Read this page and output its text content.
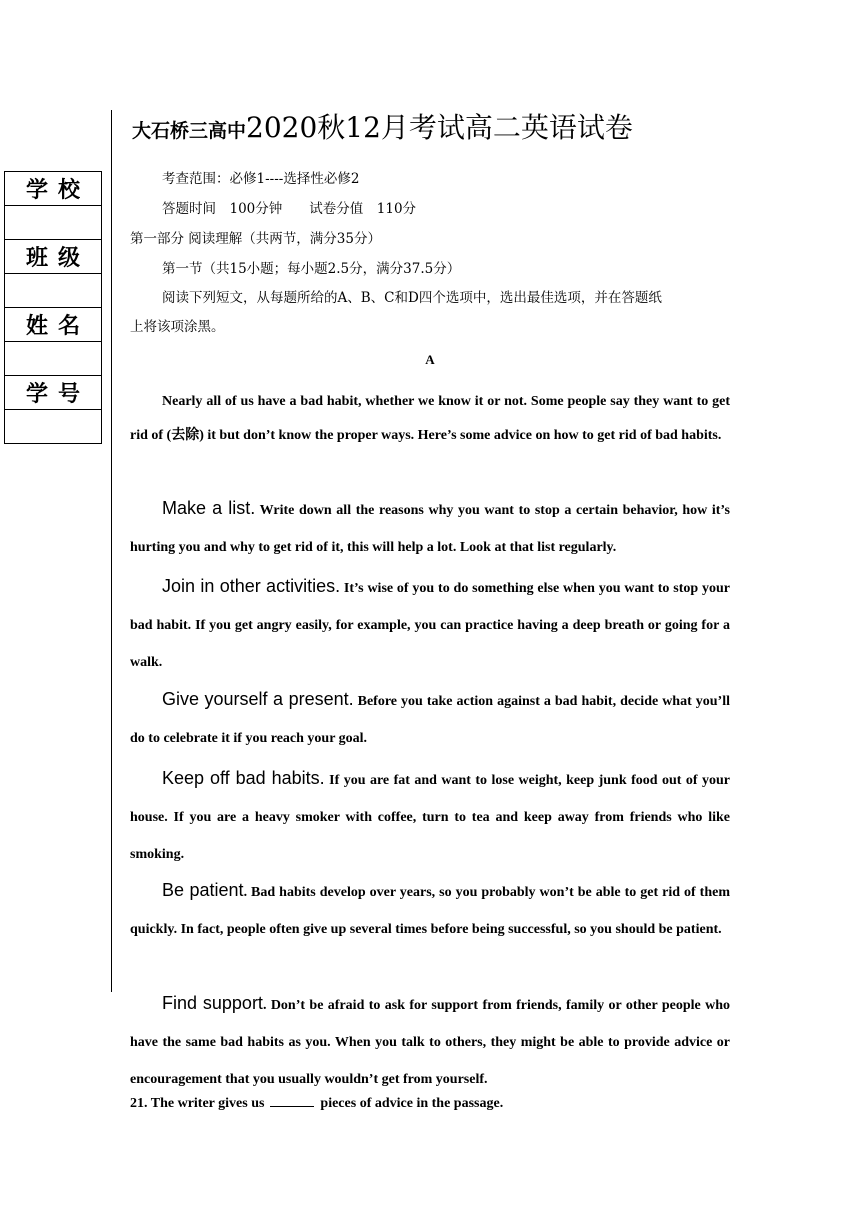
学校
班级
姓名
学号
大石桥三高中2020秋12月考试高二英语试卷
考查范围：必修1----选择性必修2
答题时间　100分钟　　试卷分值　110分
第一部分 阅读理解（共两节，满分35分）
第一节（共15小题；每小题2.5分，满分37.5分）
阅读下列短文，从每题所给的A、B、C和D四个选项中，选出最佳选项，并在答题纸
上将该项涂黑。
A

Nearly all of us have a bad habit, whether we know it or not. Some people say they want to get rid of (去除) it but don’t know the proper ways. Here’s some advice on how to get rid of bad habits.

Make a list. Write down all the reasons why you want to stop a certain behavior, how it’s hurting you and why to get rid of it, this will help a lot. Look at that list regularly.

Join in other activities. It’s wise of you to do something else when you want to stop your bad habit. If you get angry easily, for example, you can practice having a deep breath or going for a walk.

Give yourself a present. Before you take action against a bad habit, decide what you’ll do to celebrate it if you reach your goal.

Keep off bad habits. If you are fat and want to lose weight, keep junk food out of your house. If you are a heavy smoker with coffee, turn to tea and keep away from friends who like smoking.

Be patient. Bad habits develop over years, so you probably won’t be able to get rid of them quickly. In fact, people often give up several times before being successful, so you should be patient.

Find support. Don’t be afraid to ask for support from friends, family or other people who have the same bad habits as you. When you talk to others, they might be able to provide advice or encouragement that you usually wouldn’t get from yourself.

21. The writer gives us	pieces of advice in the passage.
